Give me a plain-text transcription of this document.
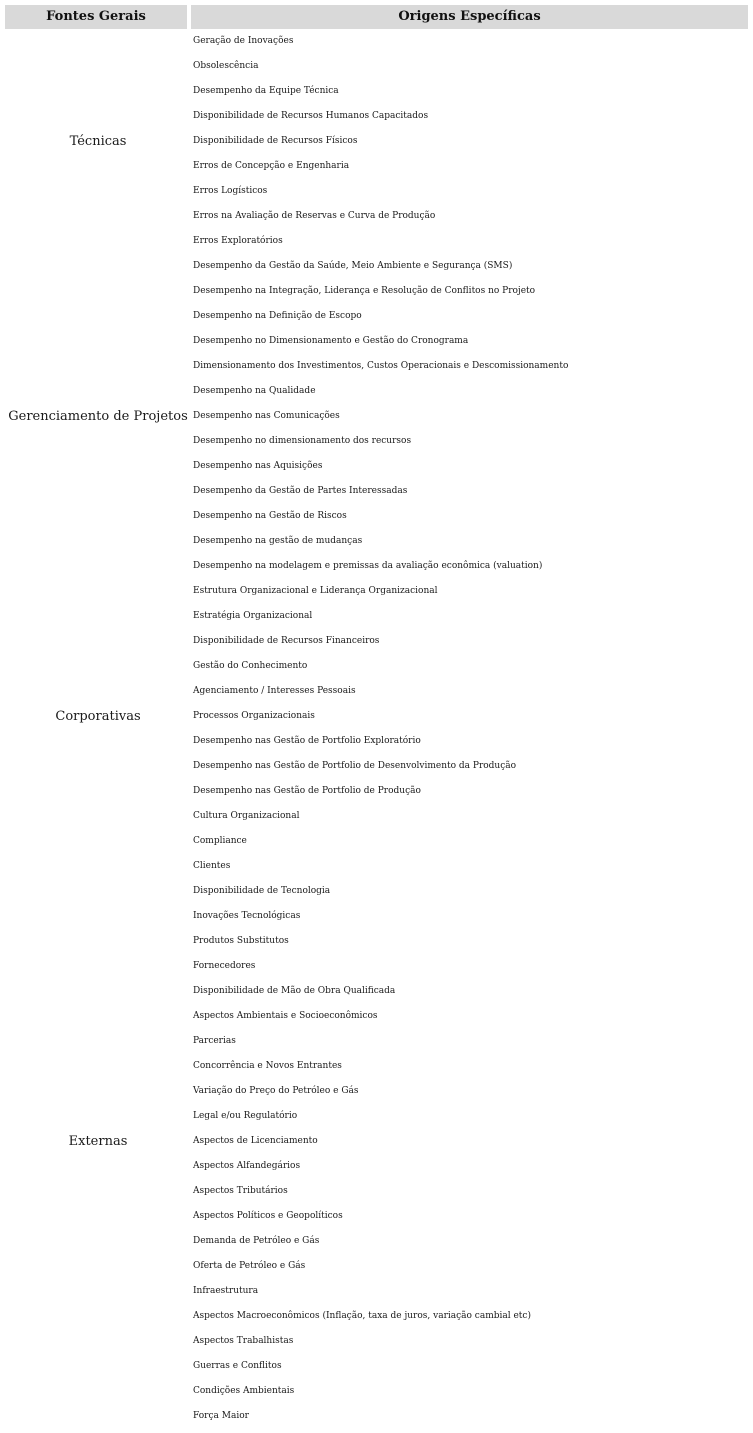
Fontes Gerais	Origens Específicas
Técnicas
Geração de Inovações
Obsolescência
Desempenho da Equipe Técnica
Disponibilidade de Recursos Humanos Capacitados
Disponibilidade de Recursos Físicos
Erros de Concepção e Engenharia
Erros Logísticos
Erros na Avaliação de Reservas e Curva de Produção
Erros Exploratórios
Gerenciamento de Projetos
Desempenho da Gestão da Saúde, Meio Ambiente e Segurança (SMS)
Desempenho na Integração, Liderança e Resolução de Conflitos no Projeto
Desempenho na Definição de Escopo
Desempenho no Dimensionamento e Gestão do Cronograma
Dimensionamento dos Investimentos, Custos Operacionais e Descomissionamento
Desempenho na Qualidade
Desempenho nas Comunicações
Desempenho no dimensionamento dos recursos
Desempenho nas Aquisições
Desempenho da Gestão de Partes Interessadas
Desempenho na Gestão de Riscos
Desempenho na gestão de mudanças
Desempenho na modelagem e premissas da avaliação econômica (valuation)
Corporativas
Estrutura Organizacional e Liderança Organizacional
Estratégia Organizacional
Disponibilidade de Recursos Financeiros
Gestão do Conhecimento
Agenciamento / Interesses Pessoais
Processos Organizacionais
Desempenho nas Gestão de Portfolio Exploratório
Desempenho nas Gestão de Portfolio de Desenvolvimento da Produção
Desempenho nas Gestão de Portfolio de Produção
Cultura Organizacional
Compliance
Externas
Clientes
Disponibilidade de Tecnologia
Inovações Tecnológicas
Produtos Substitutos
Fornecedores
Disponibilidade de Mão de Obra Qualificada
Aspectos Ambientais e Socioeconômicos
Parcerias
Concorrência e Novos Entrantes
Variação do Preço do Petróleo e Gás
Legal e/ou Regulatório
Aspectos de Licenciamento
Aspectos Alfandegários
Aspectos Tributários
Aspectos Políticos e Geopolíticos
Demanda de Petróleo e Gás
Oferta de Petróleo e Gás
Infraestrutura
Aspectos Macroeconômicos (Inflação, taxa de juros, variação cambial etc)
Aspectos Trabalhistas
Guerras e Conflitos
Condições Ambientais
Força Maior
